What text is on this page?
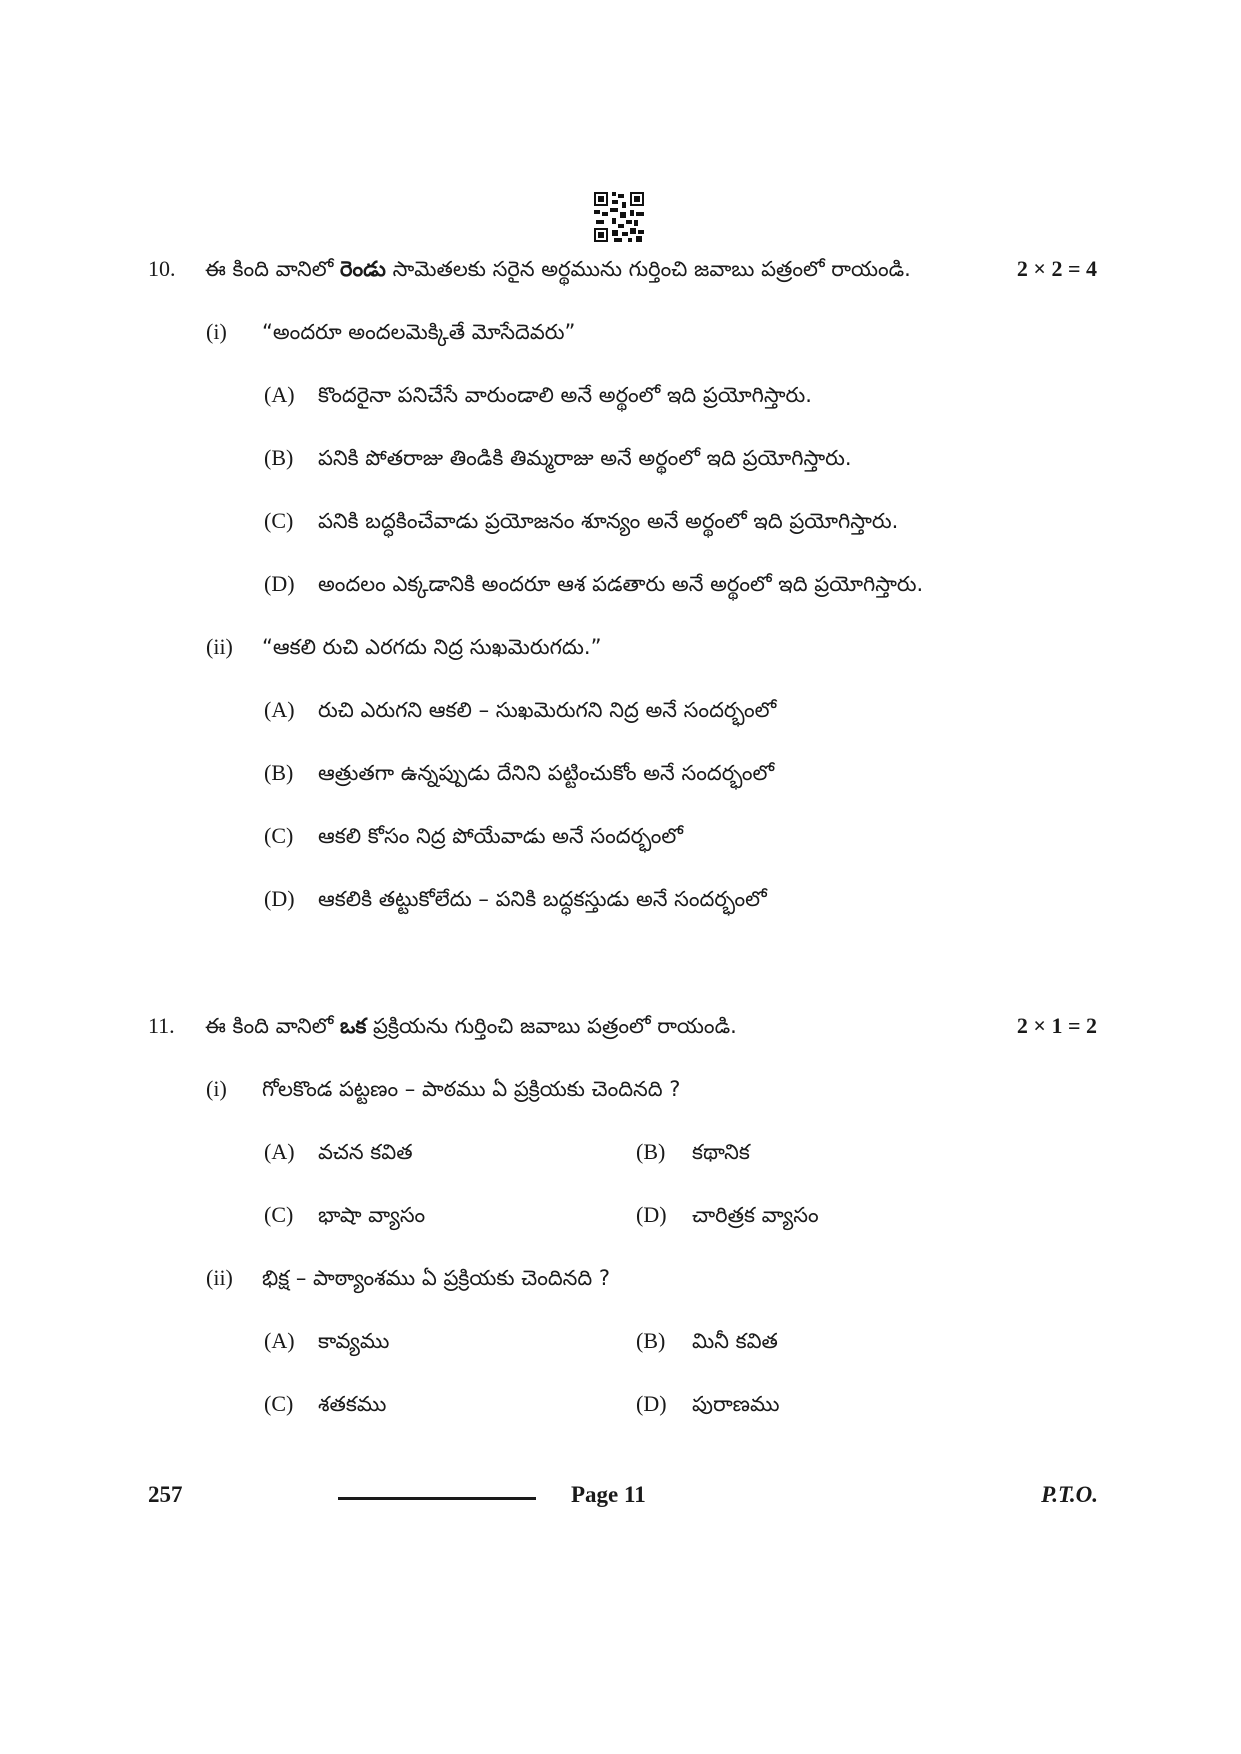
10. ఈ కింది వానిలో రెండు సామెతలకు సరైన అర్థమును గుర్తించి జవాబు పత్రంలో రాయండి.	2 × 2 = 4
(i) “అందరూ అందలమెక్కితే మోసేదెవరు”
(A) కొందరైనా పనిచేసే వారుండాలి అనే అర్థంలో ఇది ప్రయోగిస్తారు.
(B) పనికి పోతరాజు తిండికి తిమ్మరాజు అనే అర్థంలో ఇది ప్రయోగిస్తారు.
(C) పనికి బద్ధకించేవాడు ప్రయోజనం శూన్యం అనే అర్థంలో ఇది ప్రయోగిస్తారు.
(D) అందలం ఎక్కడానికి అందరూ ఆశ పడతారు అనే అర్థంలో ఇది ప్రయోగిస్తారు.
(ii) “ఆకలి రుచి ఎరగదు నిద్ర సుఖమెరుగదు.”
(A) రుచి ఎరుగని ఆకలి – సుఖమెరుగని నిద్ర అనే సందర్భంలో
(B) ఆత్రుతగా ఉన్నప్పుడు దేనిని పట్టించుకోం అనే సందర్భంలో
(C) ఆకలి కోసం నిద్ర పోయేవాడు అనే సందర్భంలో
(D) ఆకలికి తట్టుకోలేదు – పనికి బద్ధకస్తుడు అనే సందర్భంలో
11. ఈ కింది వానిలో ఒక ప్రక్రియను గుర్తించి జవాబు పత్రంలో రాయండి.	2 × 1 = 2
(i) గోలకొండ పట్టణం – పాఠము ఏ ప్రక్రియకు చెందినది ?
(A) వచన కవిత	(B) కథానిక
(C) భాషా వ్యాసం	(D) చారిత్రక వ్యాసం
(ii) భిక్ష – పాఠ్యాంశము ఏ ప్రక్రియకు చెందినది ?
(A) కావ్యము	(B) మినీ కవిత
(C) శతకము	(D) పురాణము
257	Page 11	P.T.O.
